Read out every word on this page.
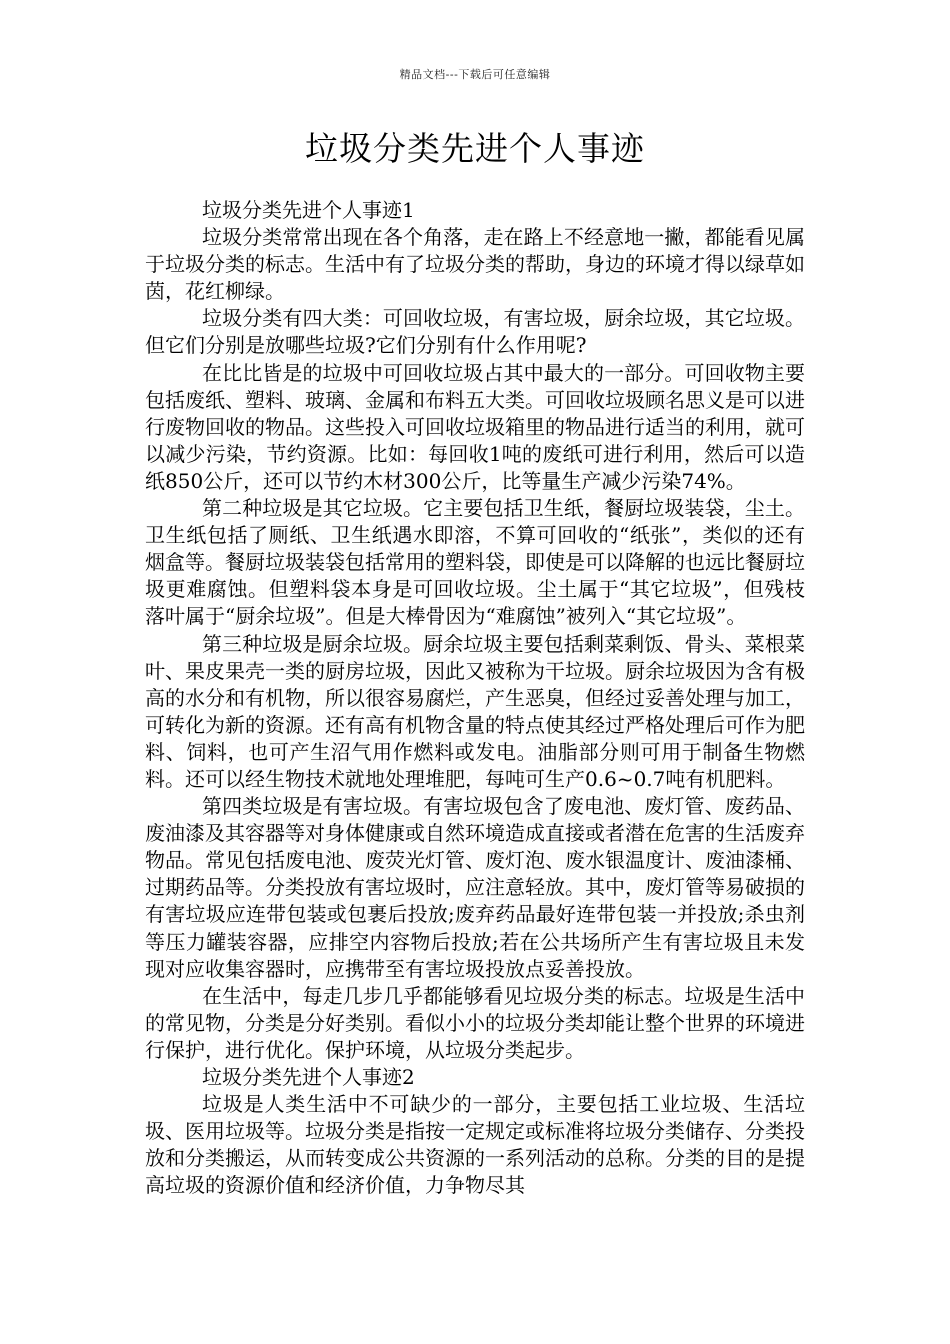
精品文档---下载后可任意编辑
垃圾分类先进个人事迹

垃圾分类先进个人事迹1

垃圾分类常常出现在各个角落，走在路上不经意地一撇，都能看见属于垃圾分类的标志。生活中有了垃圾分类的帮助，身边的环境才得以绿草如茵，花红柳绿。

垃圾分类有四大类：可回收垃圾，有害垃圾，厨余垃圾，其它垃圾。但它们分别是放哪些垃圾?它们分别有什么作用呢?

在比比皆是的垃圾中可回收垃圾占其中最大的一部分。可回收物主要包括废纸、塑料、玻璃、金属和布料五大类。可回收垃圾顾名思义是可以进行废物回收的物品。这些投入可回收垃圾箱里的物品进行适当的利用，就可以减少污染，节约资源。比如：每回收1吨的废纸可进行利用，然后可以造纸850公斤，还可以节约木材300公斤，比等量生产减少污染74%。

第二种垃圾是其它垃圾。它主要包括卫生纸，餐厨垃圾装袋，尘土。卫生纸包括了厕纸、卫生纸遇水即溶，不算可回收的“纸张”，类似的还有烟盒等。餐厨垃圾装袋包括常用的塑料袋，即使是可以降解的也远比餐厨垃圾更难腐蚀。但塑料袋本身是可回收垃圾。尘土属于“其它垃圾”，但残枝落叶属于“厨余垃圾”。但是大棒骨因为“难腐蚀”被列入“其它垃圾”。

第三种垃圾是厨余垃圾。厨余垃圾主要包括剩菜剩饭、骨头、菜根菜叶、果皮果壳一类的厨房垃圾，因此又被称为干垃圾。厨余垃圾因为含有极高的水分和有机物，所以很容易腐烂，产生恶臭，但经过妥善处理与加工，可转化为新的资源。还有高有机物含量的特点使其经过严格处理后可作为肥料、饲料，也可产生沼气用作燃料或发电。油脂部分则可用于制备生物燃料。还可以经生物技术就地处理堆肥，每吨可生产0.6~0.7吨有机肥料。

第四类垃圾是有害垃圾。有害垃圾包含了废电池、废灯管、废药品、废油漆及其容器等对身体健康或自然环境造成直接或者潜在危害的生活废弃物品。常见包括废电池、废荧光灯管、废灯泡、废水银温度计、废油漆桶、过期药品等。分类投放有害垃圾时，应注意轻放。其中，废灯管等易破损的有害垃圾应连带包装或包裹后投放;废弃药品最好连带包装一并投放;杀虫剂等压力罐装容器，应排空内容物后投放;若在公共场所产生有害垃圾且未发现对应收集容器时，应携带至有害垃圾投放点妥善投放。

在生活中，每走几步几乎都能够看见垃圾分类的标志。垃圾是生活中的常见物，分类是分好类别。看似小小的垃圾分类却能让整个世界的环境进行保护，进行优化。保护环境，从垃圾分类起步。

垃圾分类先进个人事迹2

垃圾是人类生活中不可缺少的一部分，主要包括工业垃圾、生活垃圾、医用垃圾等。垃圾分类是指按一定规定或标准将垃圾分类储存、分类投放和分类搬运，从而转变成公共资源的一系列活动的总称。分类的目的是提高垃圾的资源价值和经济价值，力争物尽其
